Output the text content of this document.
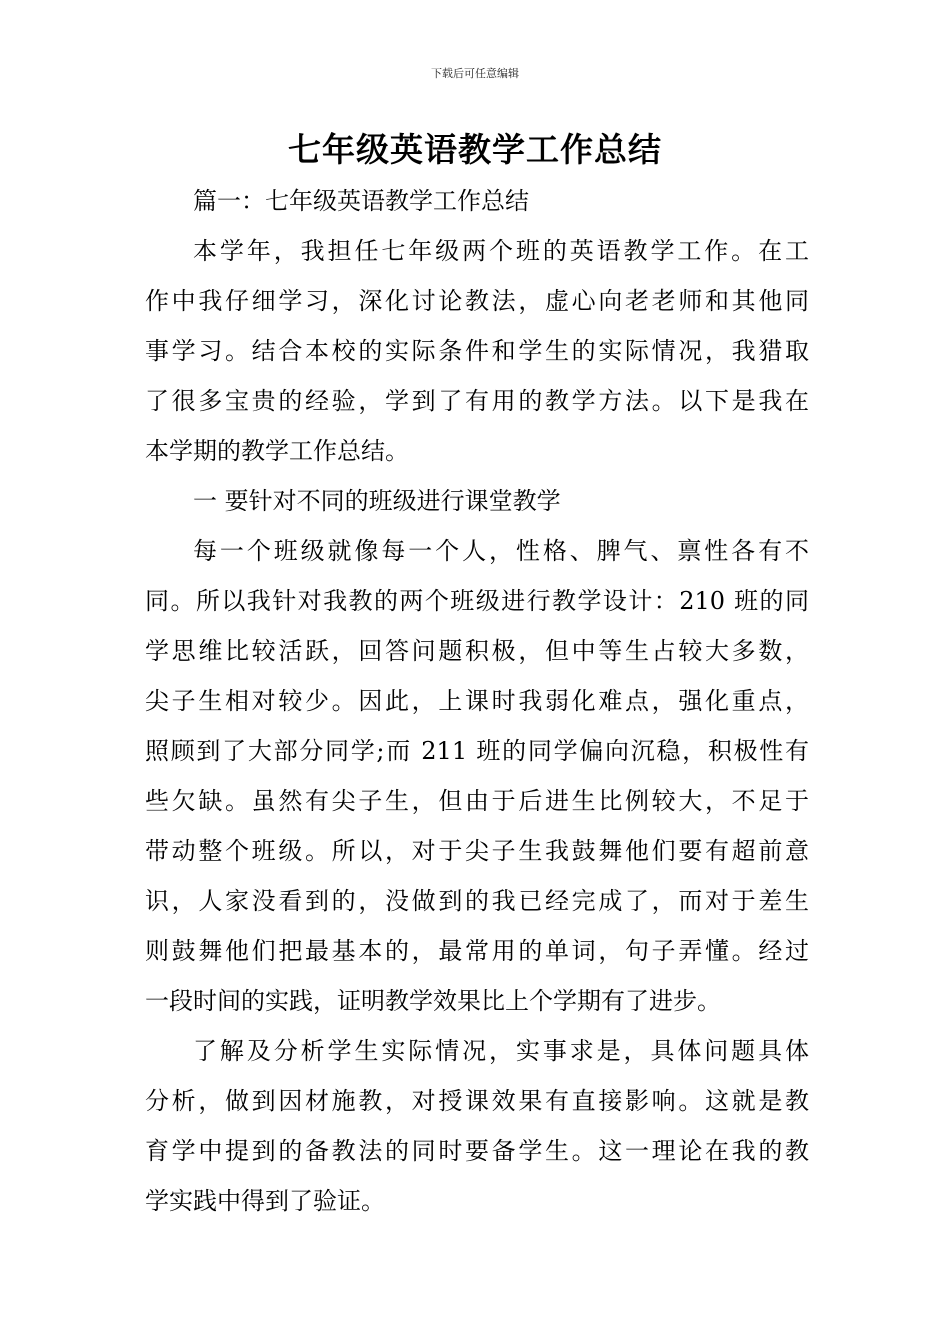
下载后可任意编辑
七年级英语教学工作总结
篇一：七年级英语教学工作总结
本学年，我担任七年级两个班的英语教学工作。在工
作中我仔细学习，深化讨论教法，虚心向老老师和其他同
事学习。结合本校的实际条件和学生的实际情况，我猎取
了很多宝贵的经验，学到了有用的教学方法。以下是我在
本学期的教学工作总结。
一 要针对不同的班级进行课堂教学
每一个班级就像每一个人，性格、脾气、禀性各有不
同。所以我针对我教的两个班级进行教学设计：210 班的同
学思维比较活跃，回答问题积极，但中等生占较大多数，
尖子生相对较少。因此，上课时我弱化难点，强化重点，
照顾到了大部分同学;而 211 班的同学偏向沉稳，积极性有
些欠缺。虽然有尖子生，但由于后进生比例较大，不足于
带动整个班级。所以，对于尖子生我鼓舞他们要有超前意
识，人家没看到的，没做到的我已经完成了，而对于差生
则鼓舞他们把最基本的，最常用的单词，句子弄懂。经过
一段时间的实践，证明教学效果比上个学期有了进步。
了解及分析学生实际情况，实事求是，具体问题具体
分析，做到因材施教，对授课效果有直接影响。这就是教
育学中提到的备教法的同时要备学生。这一理论在我的教
学实践中得到了验证。
